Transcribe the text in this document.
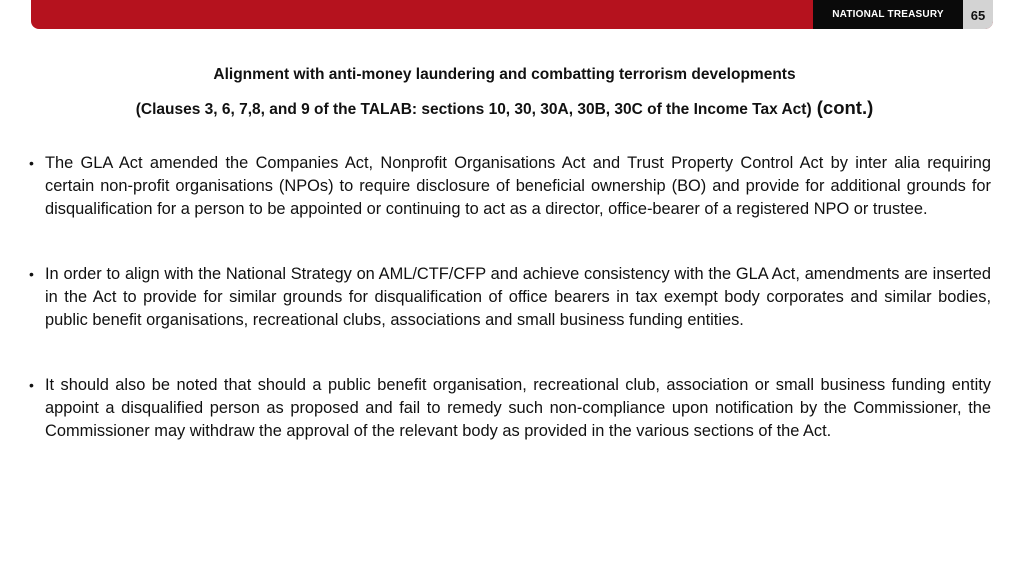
NATIONAL TREASURY 65
Alignment with anti-money laundering and combatting terrorism developments
(Clauses 3, 6, 7,8, and 9 of the TALAB: sections 10, 30, 30A, 30B, 30C of the Income Tax Act) (cont.)
• The GLA Act amended the Companies Act, Nonprofit Organisations Act and Trust Property Control Act by inter alia requiring certain non-profit organisations (NPOs) to require disclosure of beneficial ownership (BO) and provide for additional grounds for disqualification for a person to be appointed or continuing to act as a director, office-bearer of a registered NPO or trustee.
• In order to align with the National Strategy on AML/CTF/CFP and achieve consistency with the GLA Act, amendments are inserted in the Act to provide for similar grounds for disqualification of office bearers in tax exempt body corporates and similar bodies, public benefit organisations, recreational clubs, associations and small business funding entities.
• It should also be noted that should a public benefit organisation, recreational club, association or small business funding entity appoint a disqualified person as proposed and fail to remedy such non-compliance upon notification by the Commissioner, the Commissioner may withdraw the approval of the relevant body as provided in the various sections of the Act.
